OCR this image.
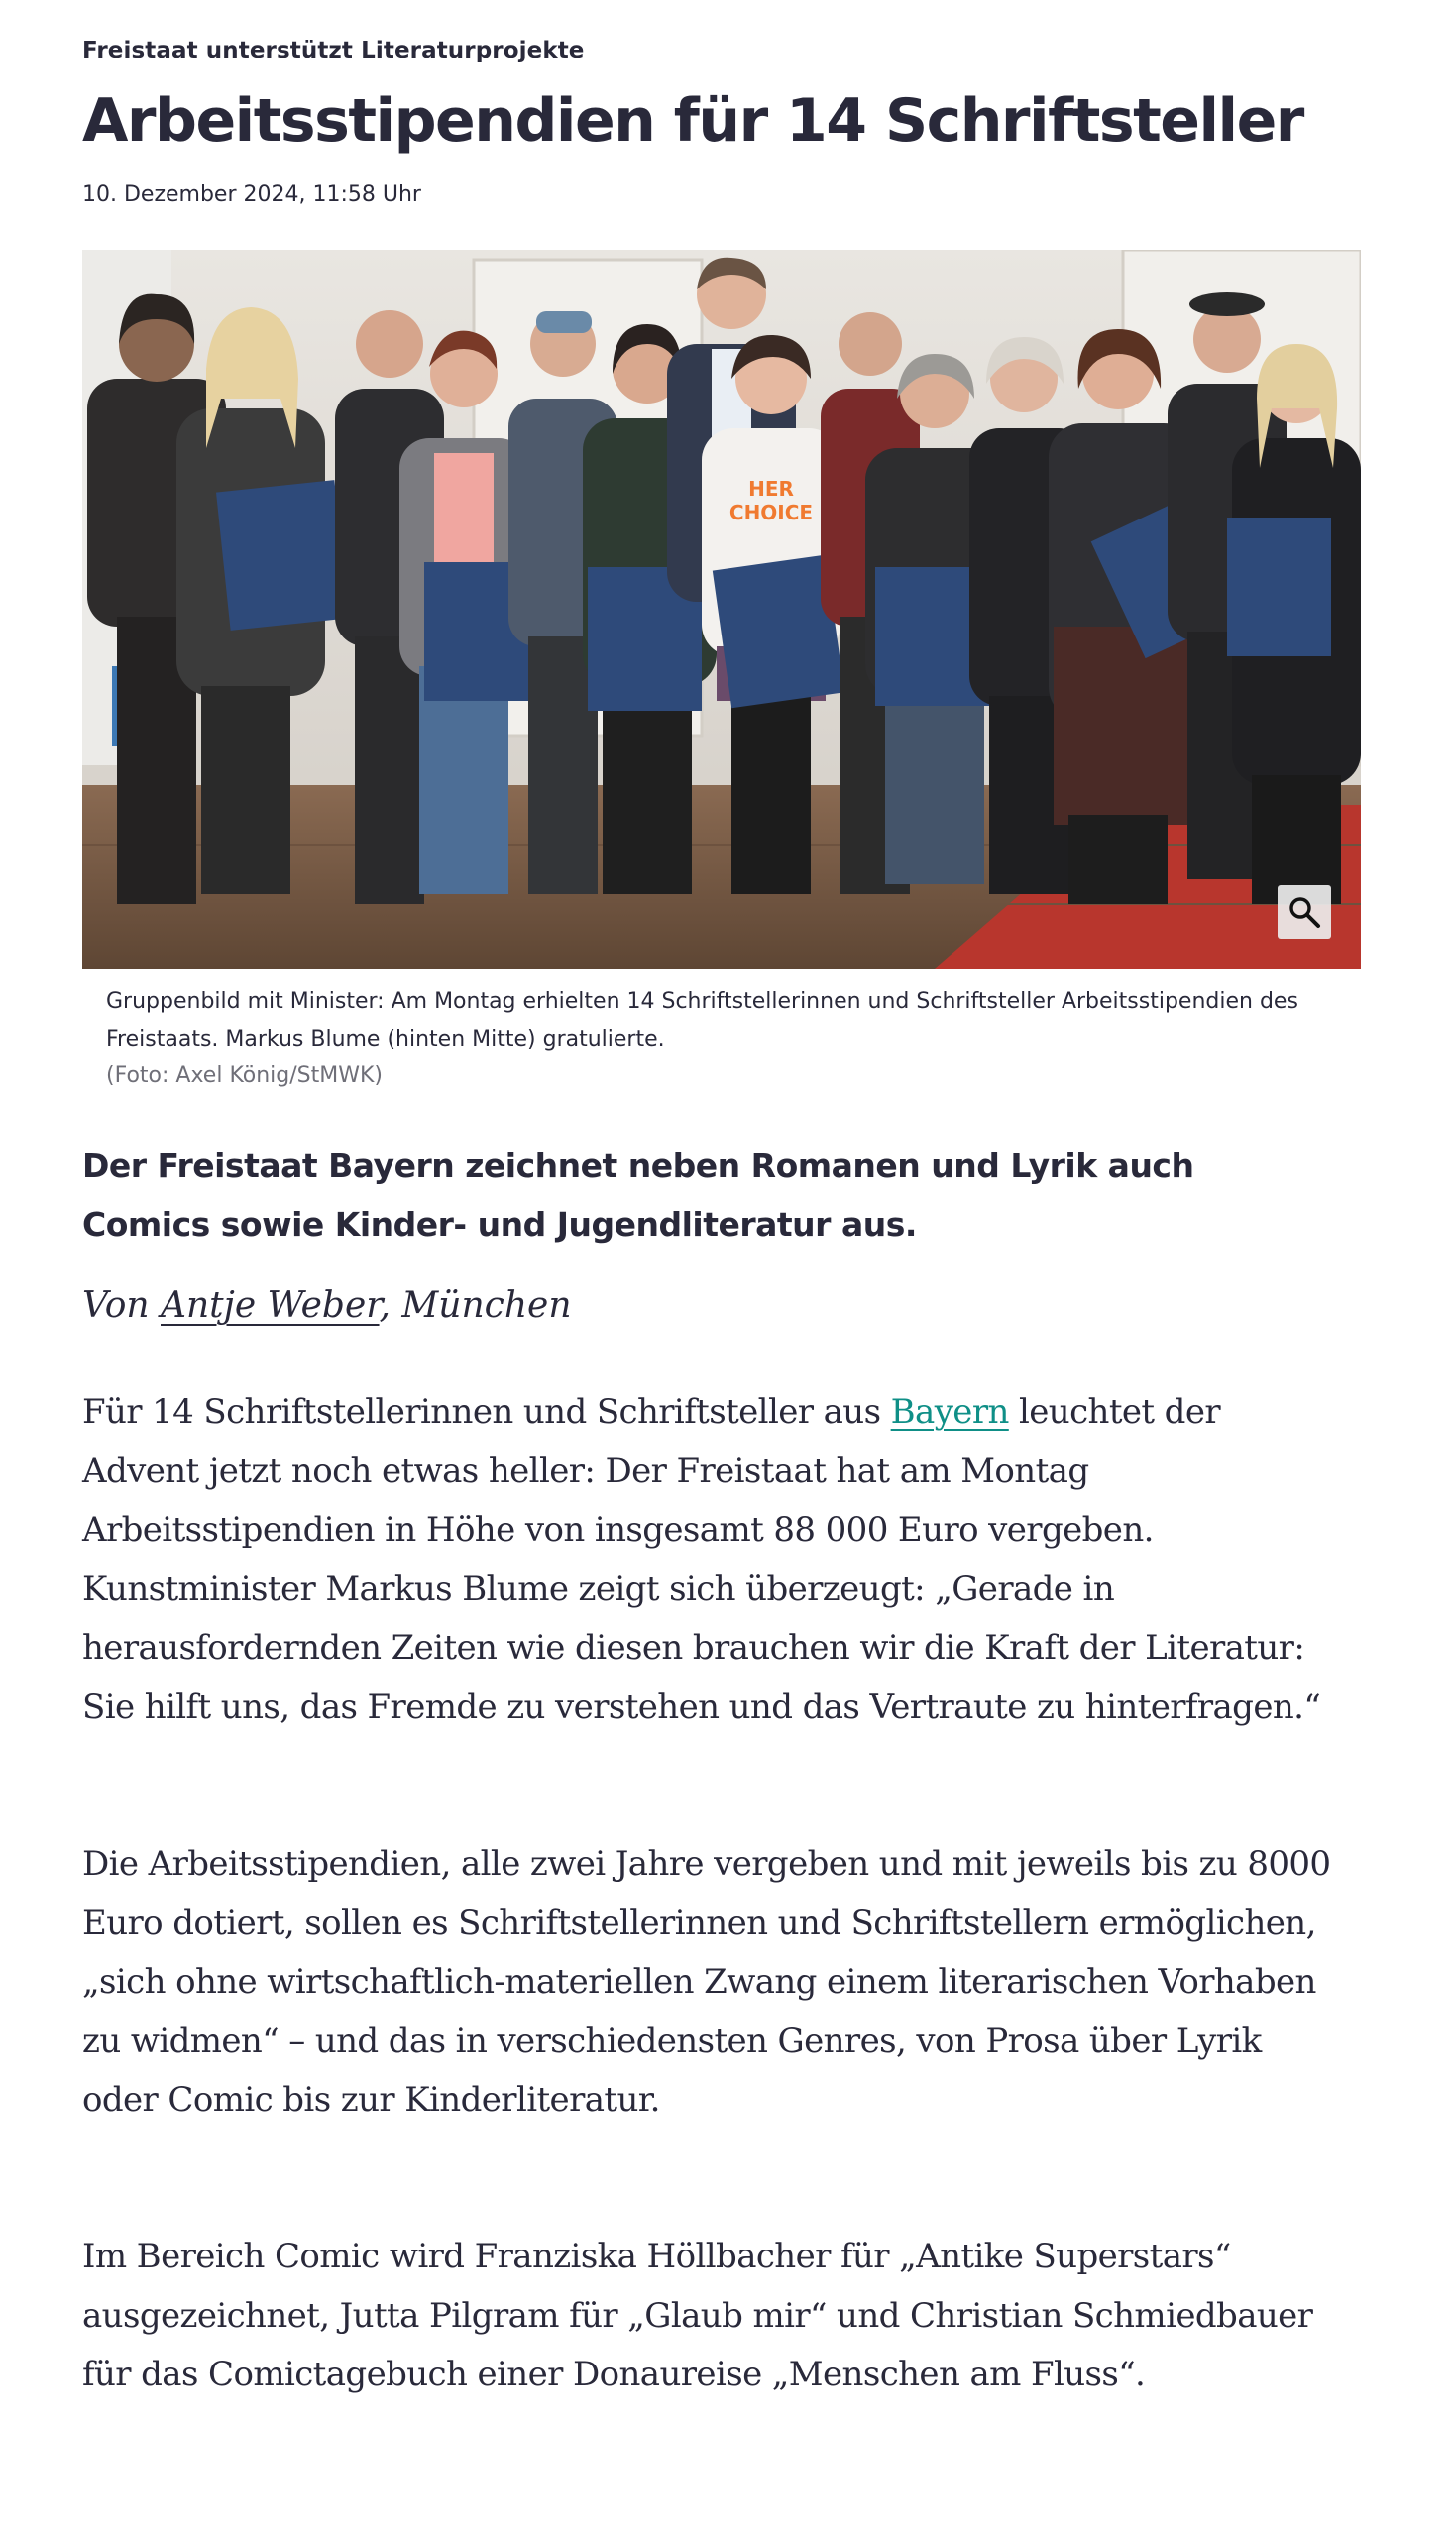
Freistaat unterstützt Literaturprojekte
Arbeitsstipendien für 14 Schriftsteller
10. Dezember 2024, 11:58 Uhr
HER
CHOICE
Gruppenbild mit Minister: Am Montag erhielten 14 Schriftstellerinnen und Schriftsteller Arbeitsstipendien des Freistaats. Markus Blume (hinten Mitte) gratulierte.
(Foto: Axel König/StMWK)

Der Freistaat Bayern zeichnet neben Romanen und Lyrik auch Comics sowie Kinder- und Jugendliteratur aus.

Von Antje Weber, München

Für 14 Schriftstellerinnen und Schriftsteller aus Bayern leuchtet der Advent jetzt noch etwas heller: Der Freistaat hat am Montag Arbeitsstipendien in Höhe von insgesamt 88 000 Euro vergeben. Kunstminister Markus Blume zeigt sich überzeugt: „Gerade in herausfordernden Zeiten wie diesen brauchen wir die Kraft der Literatur: Sie hilft uns, das Fremde zu verstehen und das Vertraute zu hinterfragen.“

Die Arbeitsstipendien, alle zwei Jahre vergeben und mit jeweils bis zu 8000 Euro dotiert, sollen es Schriftstellerinnen und Schriftstellern ermöglichen, „sich ohne wirtschaftlich-materiellen Zwang einem literarischen Vorhaben zu widmen“ – und das in verschiedensten Genres, von Prosa über Lyrik oder Comic bis zur Kinderliteratur.

Im Bereich Comic wird Franziska Höllbacher für „Antike Superstars“ ausgezeichnet, Jutta Pilgram für „Glaub mir“ und Christian Schmiedbauer für das Comictagebuch einer Donaureise „Menschen am Fluss“.
